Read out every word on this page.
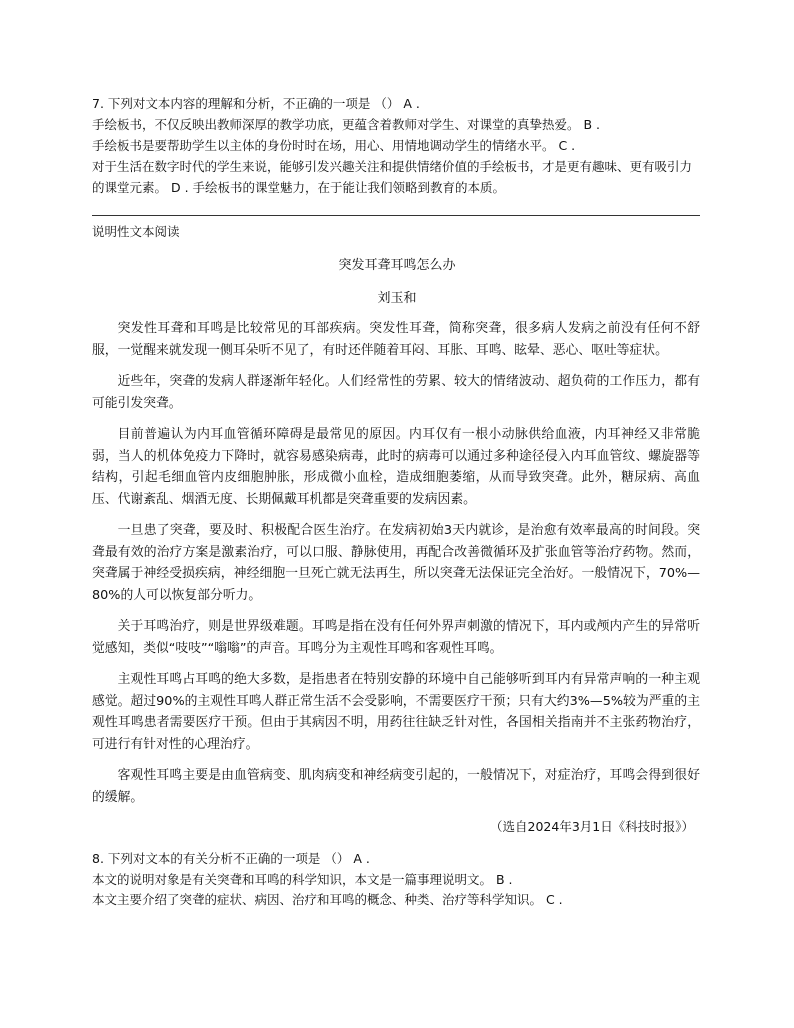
7. 下列对文本内容的理解和分析，不正确的一项是 （） A .

手绘板书，不仅反映出教师深厚的教学功底，更蕴含着教师对学生、对课堂的真挚热爱。 B .

手绘板书是要帮助学生以主体的身份时时在场，用心、用情地调动学生的情绪水平。 C .

对于生活在数字时代的学生来说，能够引发兴趣关注和提供情绪价值的手绘板书，才是更有趣味、更有吸引力的课堂元素。 D . 手绘板书的课堂魅力，在于能让我们领略到教育的本质。

说明性文本阅读
突发耳聋耳鸣怎么办
刘玉和

突发性耳聋和耳鸣是比较常见的耳部疾病。突发性耳聋，简称突聋，很多病人发病之前没有任何不舒服，一觉醒来就发现一侧耳朵听不见了，有时还伴随着耳闷、耳胀、耳鸣、眩晕、恶心、呕吐等症状。

近些年，突聋的发病人群逐渐年轻化。人们经常性的劳累、较大的情绪波动、超负荷的工作压力，都有可能引发突聋。

目前普遍认为内耳血管循环障碍是最常见的原因。内耳仅有一根小动脉供给血液，内耳神经又非常脆弱，当人的机体免疫力下降时，就容易感染病毒，此时的病毒可以通过多种途径侵入内耳血管纹、螺旋器等结构，引起毛细血管内皮细胞肿胀，形成微小血栓，造成细胞萎缩，从而导致突聋。此外，糖尿病、高血压、代谢紊乱、烟酒无度、长期佩戴耳机都是突聋重要的发病因素。

一旦患了突聋，要及时、积极配合医生治疗。在发病初始3天内就诊，是治愈有效率最高的时间段。突聋最有效的治疗方案是激素治疗，可以口服、静脉使用，再配合改善微循环及扩张血管等治疗药物。然而，突聋属于神经受损疾病，神经细胞一旦死亡就无法再生，所以突聋无法保证完全治好。一般情况下，70%—80%的人可以恢复部分听力。

关于耳鸣治疗，则是世界级难题。耳鸣是指在没有任何外界声刺激的情况下，耳内或颅内产生的异常听觉感知，类似“吱吱”“嗡嗡”的声音。耳鸣分为主观性耳鸣和客观性耳鸣。

主观性耳鸣占耳鸣的绝大多数，是指患者在特别安静的环境中自己能够听到耳内有异常声响的一种主观感觉。超过90%的主观性耳鸣人群正常生活不会受影响，不需要医疗干预；只有大约3%—5%较为严重的主观性耳鸣患者需要医疗干预。但由于其病因不明，用药往往缺乏针对性，各国相关指南并不主张药物治疗，可进行有针对性的心理治疗。

客观性耳鸣主要是由血管病变、肌肉病变和神经病变引起的，一般情况下，对症治疗，耳鸣会得到很好的缓解。

（选自2024年3月1日《科技时报》）

8. 下列对文本的有关分析不正确的一项是 （） A .

本文的说明对象是有关突聋和耳鸣的科学知识，本文是一篇事理说明文。 B .

本文主要介绍了突聋的症状、病因、治疗和耳鸣的概念、种类、治疗等科学知识。 C .
